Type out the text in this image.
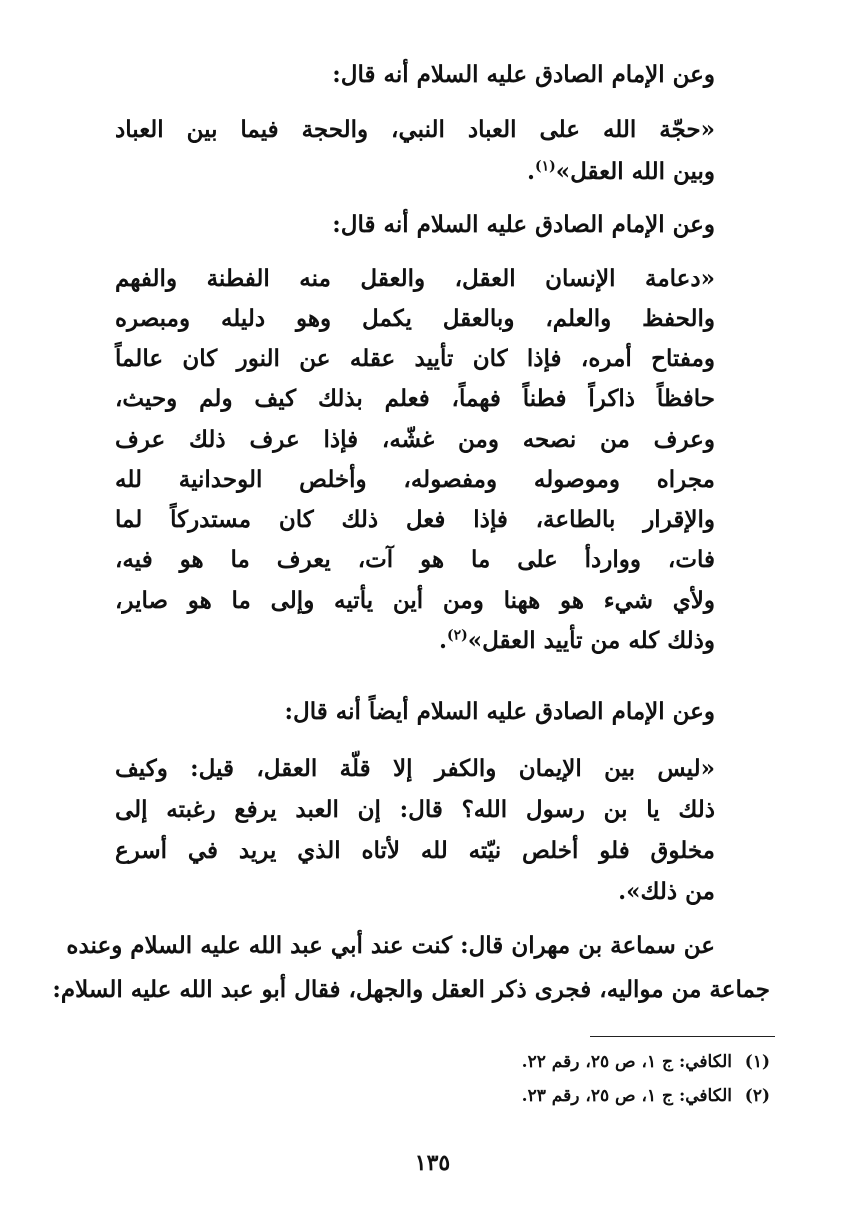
وعن الإمام الصادق عليه السلام أنه قال:
«حجّة الله على العباد النبي، والحجة فيما بين العباد
وبين الله العقل»$^{(١)}$.
وعن الإمام الصادق عليه السلام أنه قال:
«دعامة الإنسان العقل، والعقل منه الفطنة والفهم
والحفظ والعلم، وبالعقل يكمل وهو دليله ومبصره
ومفتاح أمره، فإذا كان تأييد عقله عن النور كان عالماً
حافظاً ذاكراً فطناً فهماً، فعلم بذلك كيف ولم وحيث،
وعرف من نصحه ومن غشّه، فإذا عرف ذلك عرف
مجراه وموصوله ومفصوله، وأخلص الوحدانية لله
والإقرار بالطاعة، فإذا فعل ذلك كان مستدركاً لما
فات، وواردأ على ما هو آت، يعرف ما هو فيه،
ولأي شيء هو ههنا ومن أين يأتيه وإلى ما هو صاير،
وذلك كله من تأييد العقل»$^{(٢)}$.
وعن الإمام الصادق عليه السلام أيضاً أنه قال:
«ليس بين الإيمان والكفر إلا قلّة العقل، قيل: وكيف
ذلك يا بن رسول الله؟ قال: إن العبد يرفع رغبته إلى
مخلوق فلو أخلص نيّته لله لأتاه الذي يريد في أسرع
من ذلك».
عن سماعة بن مهران قال: كنت عند أبي عبد الله عليه السلام وعنده
جماعة من مواليه، فجرى ذكر العقل والجهل، فقال أبو عبد الله عليه السلام:
(١)الكافي: ج ١، ص ٢٥، رقم ٢٢.
(٢)الكافي: ج ١، ص ٢٥، رقم ٢٣.
١٣٥
